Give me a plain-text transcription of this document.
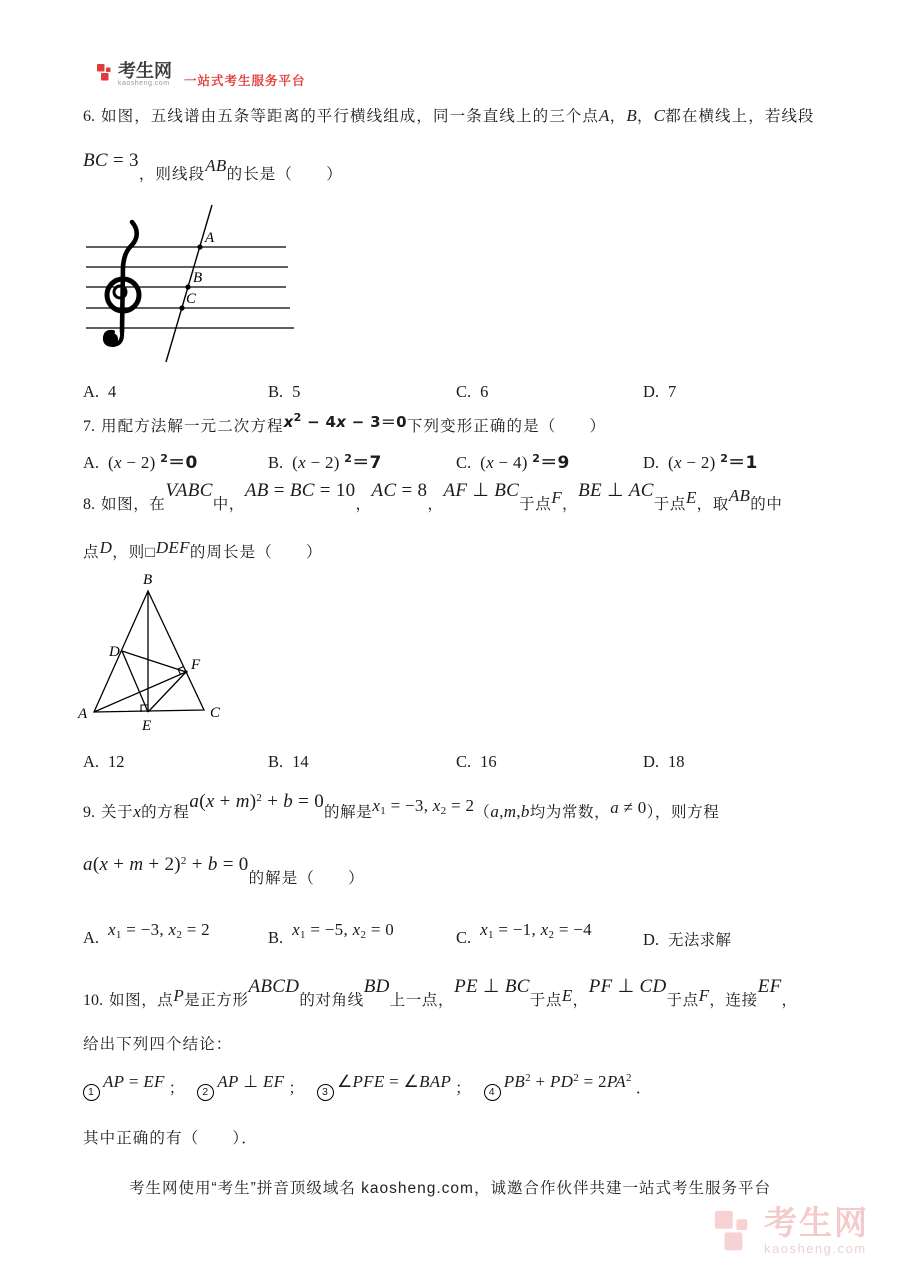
考生网
kaosheng.com 一站式考生服务平台
6. 如图，五线谱由五条等距离的平行横线组成，同一条直线上的三个点A，B，C都在横线上，若线段
BC = 3，则线段AB的长是（　　）
A
B
C
A. 4	B. 5	C. 6	D. 7
7. 用配方法解一元二次方程$x^2 - 4x - 3=0$下列变形正确的是（　　）
A. (x − 2) $^2$＝0	B. (x − 2) $^2$＝7	C. (x − 4) $^2$＝9	D. (x − 2) $^2$＝1
8. 如图，在VABC中，AB = BC = 10，AC = 8，AF ⊥ BC于点F，BE ⊥ AC于点E，取AB的中
点D，则□DEF的周长是（　　）
B
A	C
D
F
E
A. 12	B. 14	C. 16	D. 18
9. 关于x的方程$a(x + m)^2 + b = 0$的解是$x_1 = -3$, $x_2 = 2(a,m,b$均为常数，a ≠ 0），则方程
$a(x + m + 2)^2 + b = 0$的解是（　　）
A. $x_1 = -3$, $x_2 = 2$	B. $x_1 = -5$, $x_2 = 0$	C. $x_1 = -1$, $x_2 = -4$
D. 无法求解
10. 如图，点P是正方形ABCD的对角线BD上一点，PE ⊥ BC于点E，PF ⊥ CD于点F，连接EF，
给出下列四个结论：
1AP = EF ； 2AP ⊥ EF ； 3∠PFE = ∠BAP ； $4PB^2 + PD^2 = 2PA^2$．
其中正确的有（　　）．
考生网使用“考生”拼音顶级域名 kaosheng.com，诚邀合作伙伴共建一站式考生服务平台
考生网
kaosheng.com
